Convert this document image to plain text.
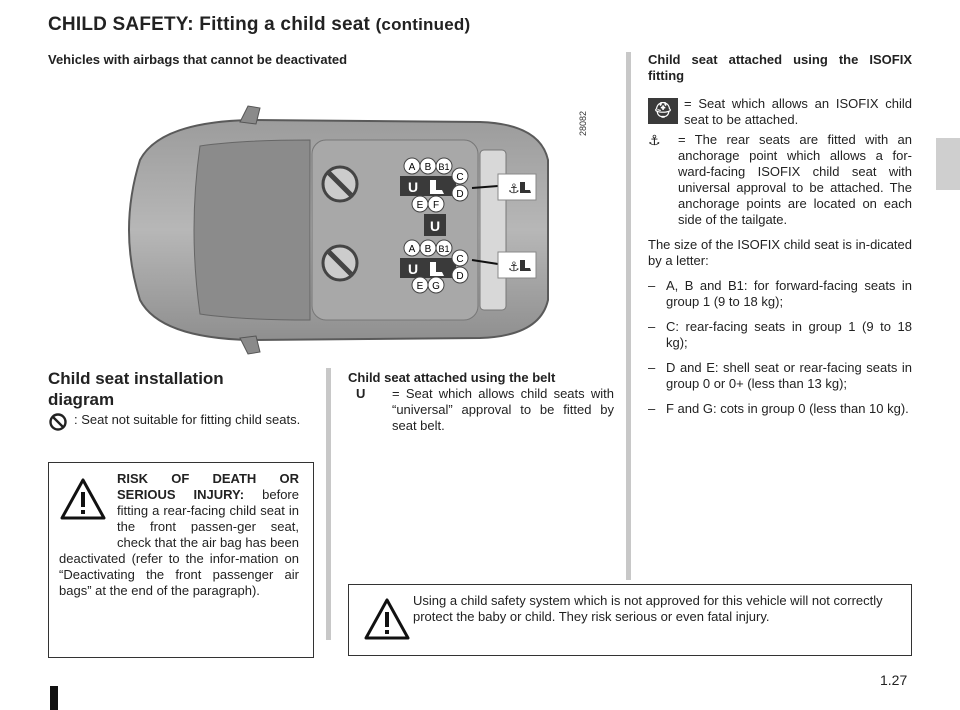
CHILD SAFETY: Fitting a child seat (continued)
Vehicles with airbags that cannot be deactivated
A B B1
U
C
D
E F
U
A B B1
U
C
D
E G
⚓
⚓
28082

Child seat attached using the ISOFIX fitting

⛑ = Seat which allows an ISOFIX child seat to be attached.
⚓ = The rear seats are fitted with an anchorage point which allows a for-ward-facing ISOFIX child seat with universal approval to be attached. The anchorage points are located on each side of the tailgate.

The size of the ISOFIX child seat is in-dicated by a letter:

– A, B and B1: for forward-facing seats in group 1 (9 to 18 kg);
– C: rear-facing seats in group 1 (9 to 18 kg);
– D and E: shell seat or rear-facing seats in group 0 or 0+ (less than 13 kg);
– F and G: cots in group 0 (less than 10 kg).
Child seat installation diagram
: Seat not suitable for fitting child seats.
Child seat attached using the belt
U = Seat which allows child seats with “universal” approval to be fitted by seat belt.
RISK OF DEATH OR SERIOUS INJURY: before fitting a rear-facing child seat in the front passen-ger seat, check that the air bag has been deactivated (refer to the infor-mation on “Deactivating the front passenger air bags” at the end of the paragraph).
Using a child safety system which is not approved for this vehicle will not correctly protect the baby or child. They risk serious or even fatal injury.
1.27
